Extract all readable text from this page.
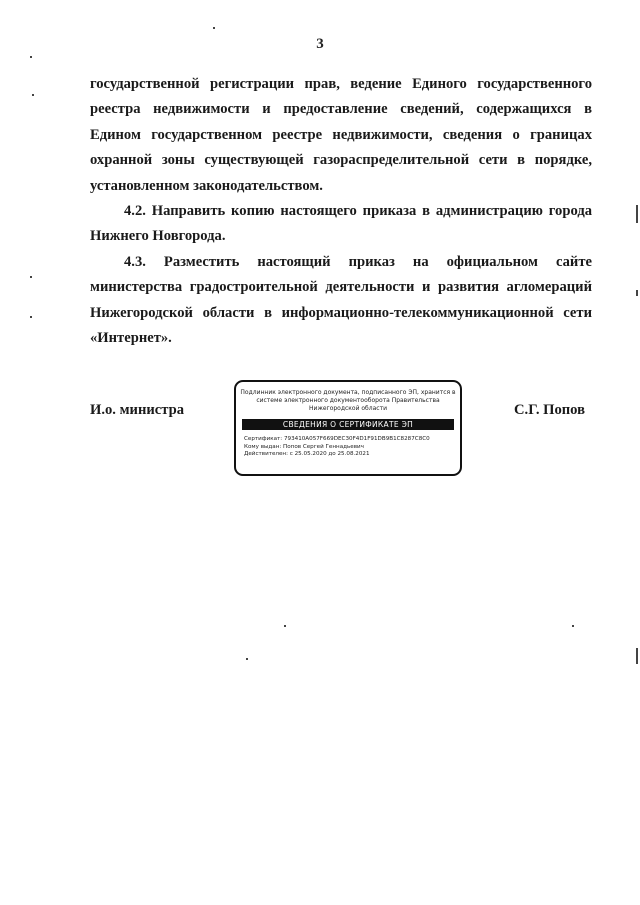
3

государственной регистрации прав, ведение Единого государственного реестра недвижимости и предоставление сведений, содержащихся в Едином государственном реестре недвижимости, сведения о границах охранной зоны существующей газораспределительной сети в порядке, установленном законодательством.

4.2. Направить копию настоящего приказа в администрацию города Нижнего Новгорода.

4.3. Разместить настоящий приказ на официальном сайте министерства градостроительной деятельности и развития агломераций Нижегородской области в информационно-телекоммуникационной сети «Интернет».

И.о. министра
Подлинник электронного документа, подписанного ЭП, хранится в системе электронного документооборота Правительства Нижегородской области
СВЕДЕНИЯ О СЕРТИФИКАТЕ ЭП
Сертификат: 793410A057F669DEC30F4D1F91DB9B1C8287C8C0
Кому выдан: Попов Сергей Геннадьевич
Действителен: с 25.05.2020 до 25.08.2021
С.Г. Попов
